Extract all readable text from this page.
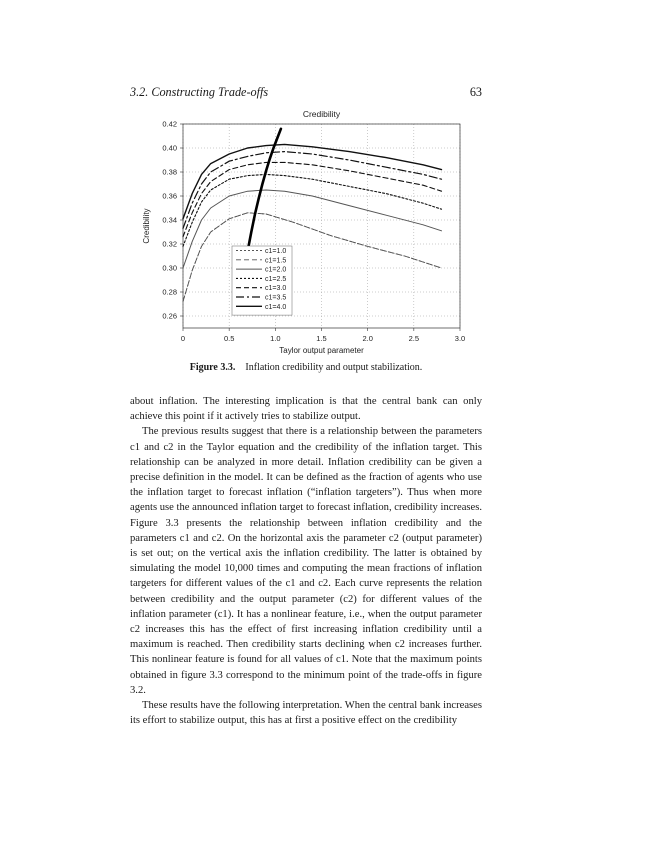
3.2. Constructing Trade-offs	63
Credibility
0	0.5	1.0	1.5	2.0	2.5	3.0
0.26
0.28
0.30
0.32
0.34
0.36
0.38
0.40
0.42
Taylor output parameter
Credibility
c1=1.0
c1=1.5
c1=2.0
c1=2.5
c1=3.0
c1=3.5
c1=4.0
Figure 3.3. Inflation credibility and output stabilization.

about inflation. The interesting implication is that the central bank can only achieve this point if it actively tries to stabilize output.

The previous results suggest that there is a relationship between the parameters c1 and c2 in the Taylor equation and the credibility of the inflation target. This relationship can be analyzed in more detail. Inflation credibility can be given a precise definition in the model. It can be defined as the fraction of agents who use the inflation target to forecast inflation (“inflation targeters”). Thus when more agents use the announced inflation target to forecast inflation, credibility increases. Figure 3.3 presents the relationship between inflation credibility and the parameters c1 and c2. On the horizontal axis the parameter c2 (output parameter) is set out; on the vertical axis the inflation credibility. The latter is obtained by simulating the model 10,000 times and computing the mean fractions of inflation targeters for different values of the c1 and c2. Each curve represents the relation between credibility and the output parameter (c2) for different values of the inflation parameter (c1). It has a nonlinear feature, i.e., when the output parameter c2 increases this has the effect of first increasing inflation credibility until a maximum is reached. Then credibility starts declining when c2 increases further. This nonlinear feature is found for all values of c1. Note that the maximum points obtained in figure 3.3 correspond to the minimum point of the trade-offs in figure 3.2.

These results have the following interpretation. When the central bank increases its effort to stabilize output, this has at first a positive effect on the credibility
